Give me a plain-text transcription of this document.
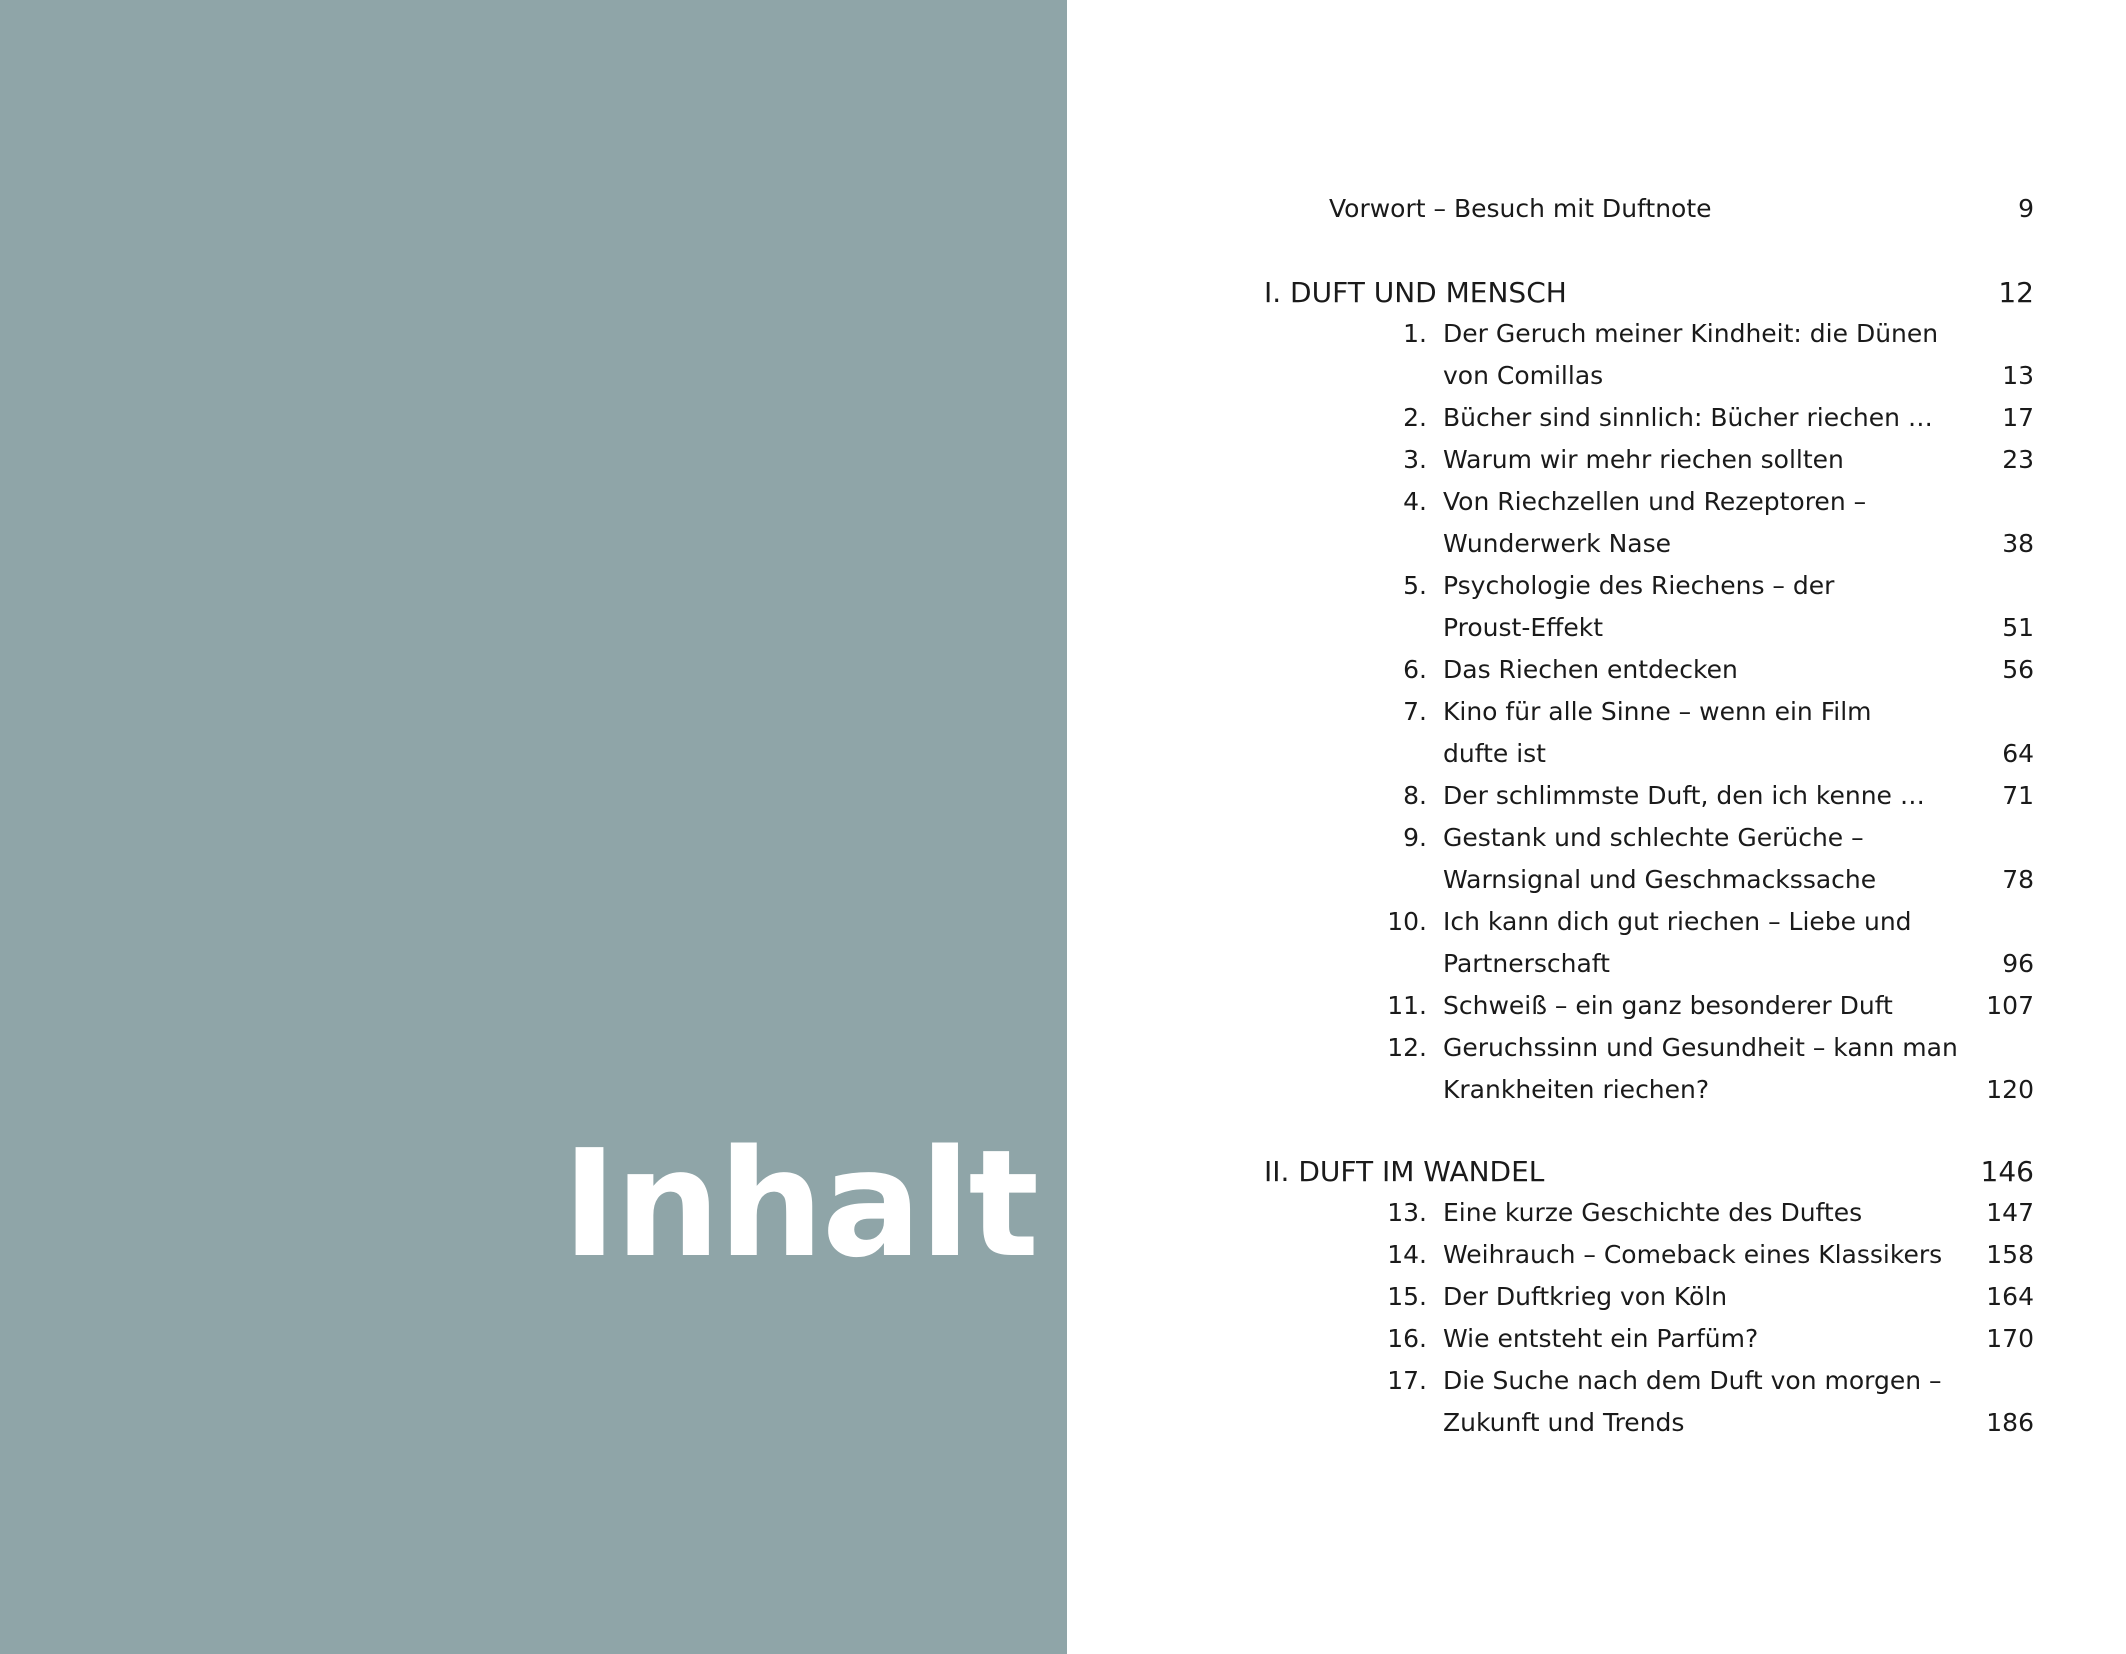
Inhalt
Vorwort – Besuch mit Duftnote	9
I. DUFT UND MENSCH	12
1. Der Geruch meiner Kindheit: die Dünen
von Comillas	13
2. Bücher sind sinnlich: Bücher riechen …	17
3. Warum wir mehr riechen sollten	23
4. Von Riechzellen und Rezeptoren –
Wunderwerk Nase	38
5. Psychologie des Riechens – der
Proust-Effekt	51
6. Das Riechen entdecken	56
7. Kino für alle Sinne – wenn ein Film
dufte ist	64
8. Der schlimmste Duft, den ich kenne …	71
9. Gestank und schlechte Gerüche –
Warnsignal und Geschmackssache	78
10. Ich kann dich gut riechen – Liebe und
Partnerschaft	96
11. Schweiß – ein ganz besonderer Duft	107
12. Geruchssinn und Gesundheit – kann man
Krankheiten riechen?	120
II. DUFT IM WANDEL	146
13. Eine kurze Geschichte des Duftes	147
14. Weihrauch – Comeback eines Klassikers 158
15. Der Duftkrieg von Köln	164
16. Wie entsteht ein Parfüm?	170
17. Die Suche nach dem Duft von morgen –
Zukunft und Trends	186
